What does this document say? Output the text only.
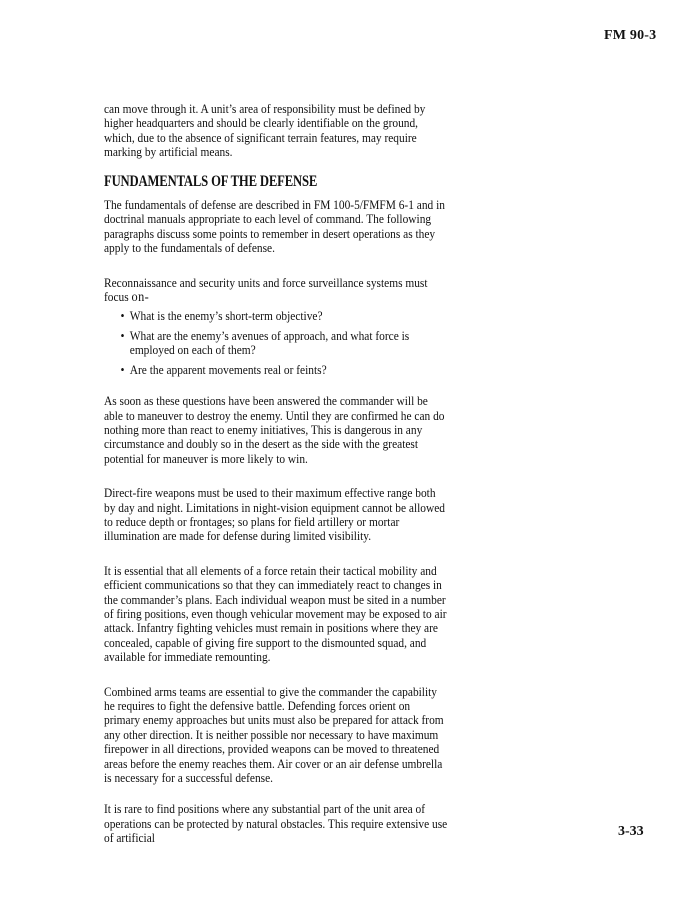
FM 90-3

can move through it. A unit’s area of responsibility must be defined by higher headquarters and should be clearly identifiable on the ground, which, due to the absence of significant terrain features, may require marking by artificial means.

FUNDAMENTALS OF THE DEFENSE

The fundamentals of defense are described in FM 100-5/FMFM 6-1 and in doctrinal manuals appropriate to each level of command. The following paragraphs discuss some points to remember in desert operations as they apply to the fundamentals of defense.

Reconnaissance and security units and force surveillance systems must focus on-

• What is the enemy’s short-term objective?
• What are the enemy’s avenues of approach, and what force is employed on each of them?
• Are the apparent movements real or feints?

As soon as these questions have been answered the commander will be able to maneuver to destroy the enemy. Until they are confirmed he can do nothing more than react to enemy initiatives, This is dangerous in any circumstance and doubly so in the desert as the side with the greatest potential for maneuver is more likely to win.

Direct-fire weapons must be used to their maximum effective range both by day and night. Limitations in night-vision equipment cannot be allowed to reduce depth or frontages; so plans for field artillery or mortar illumination are made for defense during limited visibility.

It is essential that all elements of a force retain their tactical mobility and efficient communications so that they can immediately react to changes in the commander’s plans. Each individual weapon must be sited in a number of firing positions, even though vehicular movement may be exposed to air attack. Infantry fighting vehicles must remain in positions where they are concealed, capable of giving fire support to the dismounted squad, and available for immediate remounting.

Combined arms teams are essential to give the commander the capability he requires to fight the defensive battle. Defending forces orient on primary enemy approaches but units must also be prepared for attack from any other direction. It is neither possible nor necessary to have maximum firepower in all directions, provided weapons can be moved to threatened areas before the enemy reaches them. Air cover or an air defense umbrella is necessary for a successful defense.

It is rare to find positions where any substantial part of the unit area of operations can be protected by natural obstacles. This require extensive use of artificial	3-33
